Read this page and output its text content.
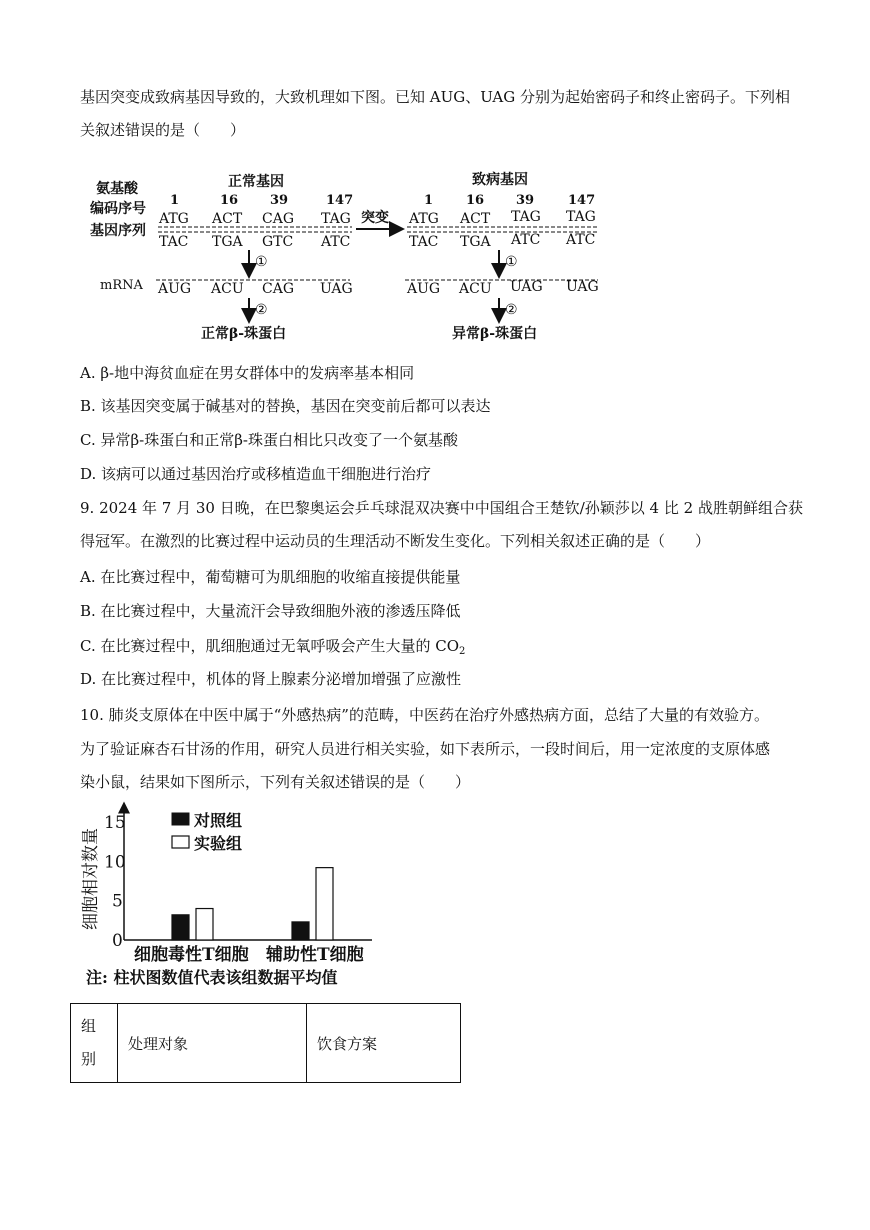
基因突变成致病基因导致的，大致机理如下图。已知 AUG、UAG 分别为起始密码子和终止密码子。下列相
关叙述错误的是（　　）
氨基酸
编码序号
基因序列
mRNA
正常基因	致病基因
1	16 39	147	1	16 39	147
ATG ACT CAG TAG
TAC TGA GTC ATC
突变 ATG ACT TAG TAG
TAC TGA ATC ATC
①	①
AUG ACU CAG UAG	AUG ACU UAG UAG
②	②
正常β-珠蛋白	异常β-珠蛋白
A. β-地中海贫血症在男女群体中的发病率基本相同
B. 该基因突变属于碱基对的替换，基因在突变前后都可以表达
C. 异常β-珠蛋白和正常β-珠蛋白相比只改变了一个氨基酸
D. 该病可以通过基因治疗或移植造血干细胞进行治疗
9. 2024 年 7 月 30 日晚，在巴黎奥运会乒乓球混双决赛中中国组合王楚钦/孙颖莎以 4 比 2 战胜朝鲜组合获
得冠军。在激烈的比赛过程中运动员的生理活动不断发生变化。下列相关叙述正确的是（　　）
A. 在比赛过程中，葡萄糖可为肌细胞的收缩直接提供能量
B. 在比赛过程中，大量流汗会导致细胞外液的渗透压降低
C. 在比赛过程中，肌细胞通过无氧呼吸会产生大量的 $CO_2$
D. 在比赛过程中，机体的肾上腺素分泌增加增强了应激性
10. 肺炎支原体在中医中属于“外感热病”的范畴，中医药在治疗外感热病方面，总结了大量的有效验方。
为了验证麻杏石甘汤的作用，研究人员进行相关实验，如下表所示，一段时间后，用一定浓度的支原体感
染小鼠，结果如下图所示，下列有关叙述错误的是（　　）
细胞相对数量
0
5
10
15
细胞毒性T细胞 辅助性T细胞
对照组
实验组
注: 柱状图数值代表该组数据平均值
组
别
	处理对象	饮食方案
